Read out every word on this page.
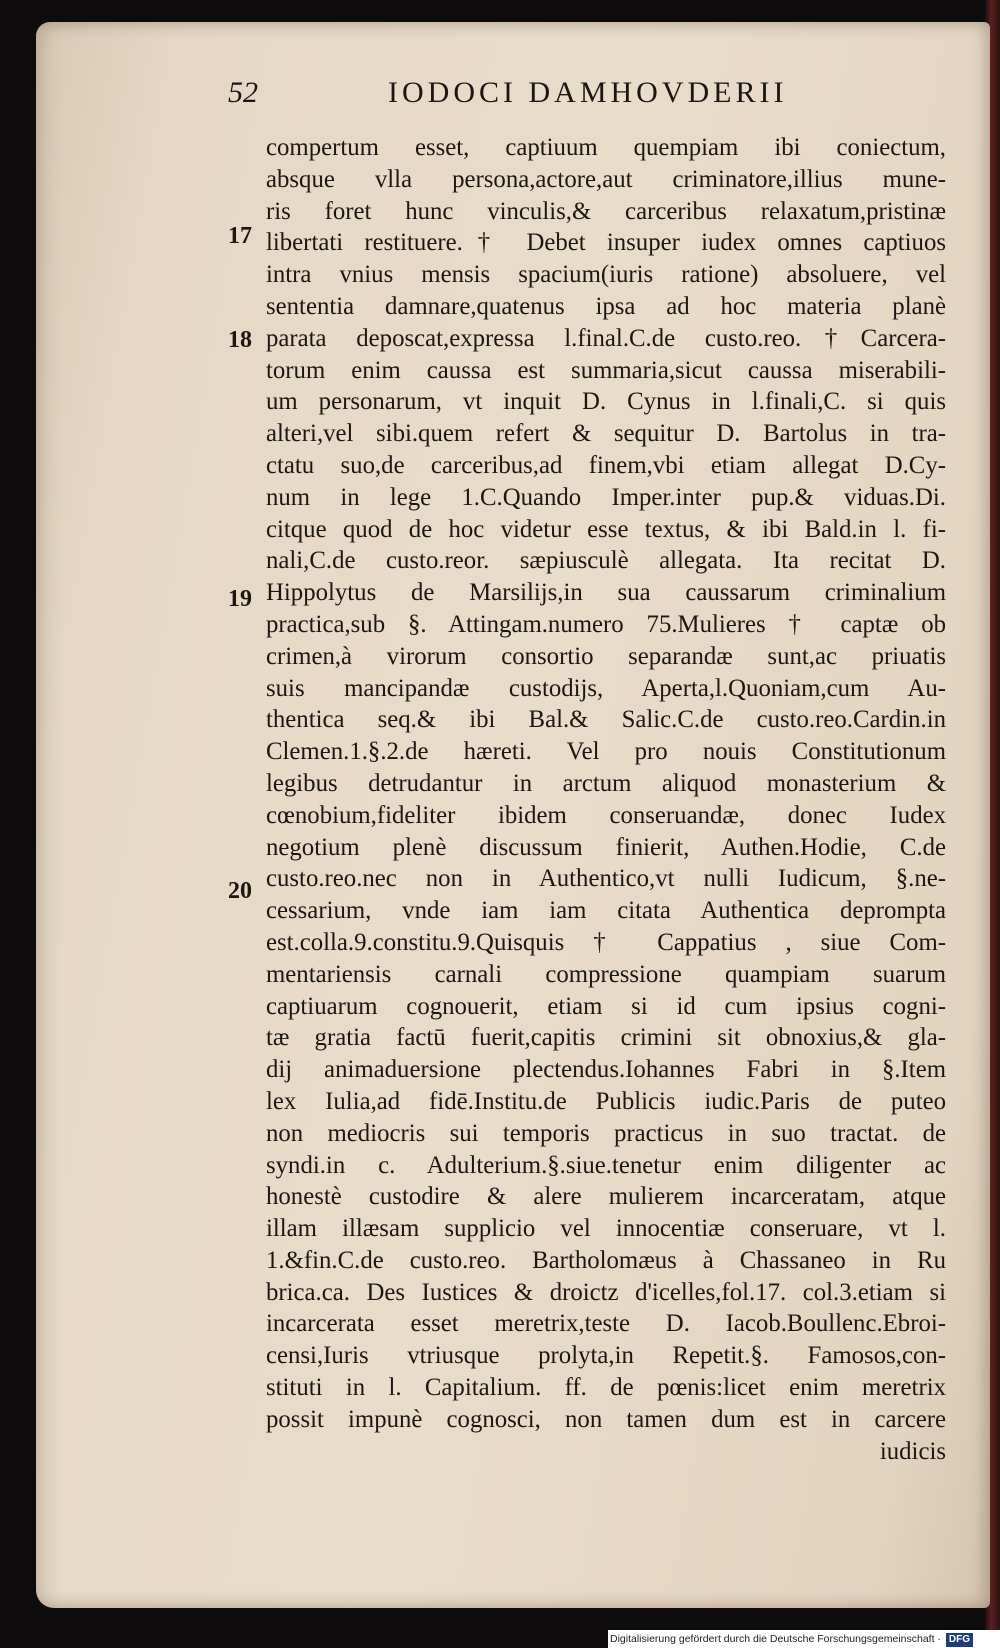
52	IODOCI DAMHOVDERII
17
18
19
20
compertum esset, captiuum quempiam ibi coniectum,
absque vlla persona,actore,aut criminatore,illius mune-
ris foret hunc vinculis,& carceribus relaxatum,pristinæ
libertati restituere.† Debet insuper iudex omnes captiuos
intra vnius mensis spacium(iuris ratione) absoluere, vel
sententia damnare,quatenus ipsa ad hoc materia planè
parata deposcat,expressa l.final.C.de custo.reo.†Carcera-
torum enim caussa est summaria,sicut caussa miserabili-
um personarum, vt inquit D. Cynus in l.finali,C. si quis
alteri,vel sibi.quem refert & sequitur D. Bartolus in tra-
ctatu suo,de carceribus,ad finem,vbi etiam allegat D.Cy-
num in lege 1.C.Quando Imper.inter pup.& viduas.Di.
citque quod de hoc videtur esse textus, & ibi Bald.in l. fi-
nali,C.de custo.reor. sæpiusculè allegata. Ita recitat D.
Hippolytus de Marsilijs,in sua caussarum criminalium
practica,sub §. Attingam.numero 75.Mulieres † captæ ob
crimen,à virorum consortio separandæ sunt,ac priuatis
suis mancipandæ custodijs, Aperta,l.Quoniam,cum Au-
thentica seq.& ibi Bal.& Salic.C.de custo.reo.Cardin.in
Clemen.1.§.2.de hæreti. Vel pro nouis Constitutionum
legibus detrudantur in arctum aliquod monasterium &
cœnobium,fideliter ibidem conseruandæ, donec Iudex
negotium plenè discussum finierit, Authen.Hodie, C.de
custo.reo.nec non in Authentico,vt nulli Iudicum, §.ne-
cessarium, vnde iam iam citata Authentica deprompta
est.colla.9.constitu.9.Quisquis † Cappatius , siue Com-
mentariensis carnali compressione quampiam suarum
captiuarum cognouerit, etiam si id cum ipsius cogni-
tæ gratia factū fuerit,capitis crimini sit obnoxius,& gla-
dij animaduersione plectendus.Iohannes Fabri in §.Item
lex Iulia,ad fidē.Institu.de Publicis iudic.Paris de puteo
non mediocris sui temporis practicus in suo tractat. de
syndi.in c. Adulterium.§.siue.tenetur enim diligenter ac
honestè custodire & alere mulierem incarceratam, atque
illam illæsam supplicio vel innocentiæ conseruare, vt l.
1.&fin.C.de custo.reo. Bartholomæus à Chassaneo in Ru
brica.ca. Des Iustices & droictz d'icelles,fol.17. col.3.etiam si
incarcerata esset meretrix,teste D. Iacob.Boullenc.Ebroi-
censi,Iuris vtriusque prolyta,in Repetit.§. Famosos,con-
stituti in l. Capitalium. ff. de pœnis:licet enim meretrix
possit impunè cognosci, non tamen dum est in carcere
iudicis
Digitalisierung gefördert durch die Deutsche Forschungsgemeinschaft · DFG
